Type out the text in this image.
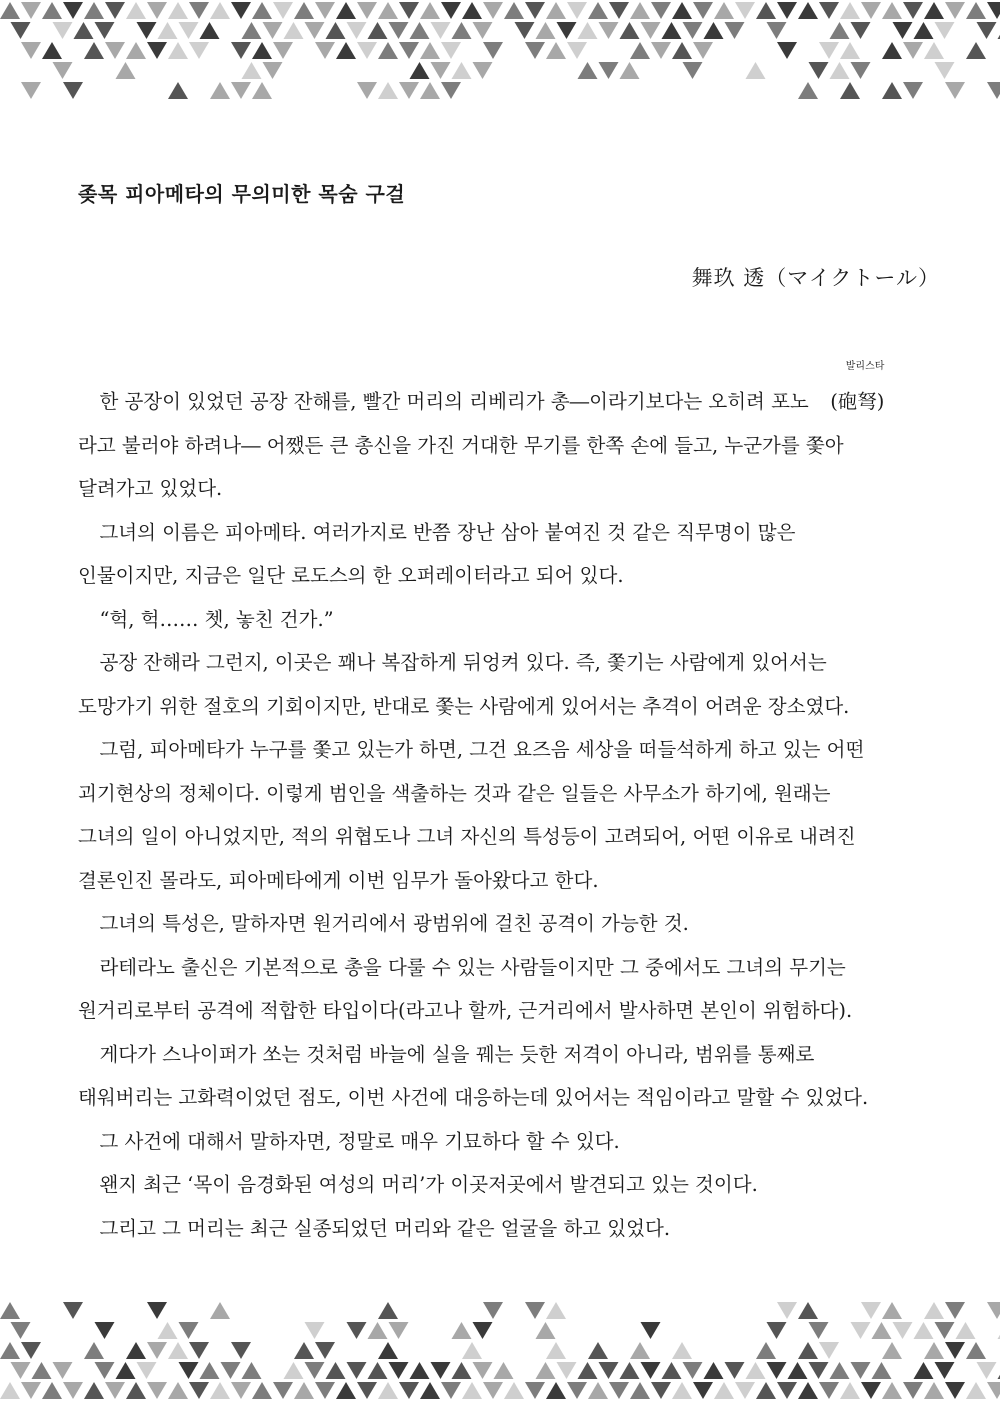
좆목 피아메타의 무의미한 목숨 구걸

舞玖 透（マイクトール）

한 공장이 있었던 공장 잔해를, 빨간 머리의 리베리가 총―이라기보다는 오히려 포노
발리스타
(砲弩)

라고 불러야 하려나― 어쨌든 큰 총신을 가진 거대한 무기를 한쪽 손에 들고, 누군가를 쫓아

달려가고 있었다.

그녀의 이름은 피아메타. 여러가지로 반쯤 장난 삼아 붙여진 것 같은 직무명이 많은

인물이지만, 지금은 일단 로도스의 한 오퍼레이터라고 되어 있다.

“헉, 헉…… 쳇, 놓친 건가.”

공장 잔해라 그런지, 이곳은 꽤나 복잡하게 뒤엉켜 있다. 즉, 쫓기는 사람에게 있어서는

도망가기 위한 절호의 기회이지만, 반대로 쫓는 사람에게 있어서는 추격이 어려운 장소였다.

그럼, 피아메타가 누구를 쫓고 있는가 하면, 그건 요즈음 세상을 떠들석하게 하고 있는 어떤

괴기현상의 정체이다. 이렇게 범인을 색출하는 것과 같은 일들은 사무소가 하기에, 원래는

그녀의 일이 아니었지만, 적의 위협도나 그녀 자신의 특성등이 고려되어, 어떤 이유로 내려진

결론인진 몰라도, 피아메타에게 이번 임무가 돌아왔다고 한다.

그녀의 특성은, 말하자면 원거리에서 광범위에 걸친 공격이 가능한 것.

라테라노 출신은 기본적으로 총을 다룰 수 있는 사람들이지만 그 중에서도 그녀의 무기는

원거리로부터 공격에 적합한 타입이다(라고나 할까, 근거리에서 발사하면 본인이 위험하다).

게다가 스나이퍼가 쏘는 것처럼 바늘에 실을 꿰는 듯한 저격이 아니라, 범위를 통째로

태워버리는 고화력이었던 점도, 이번 사건에 대응하는데 있어서는 적임이라고 말할 수 있었다.

그 사건에 대해서 말하자면, 정말로 매우 기묘하다 할 수 있다.

왠지 최근 ‘목이 음경화된 여성의 머리’가 이곳저곳에서 발견되고 있는 것이다.

그리고 그 머리는 최근 실종되었던 머리와 같은 얼굴을 하고 있었다.
